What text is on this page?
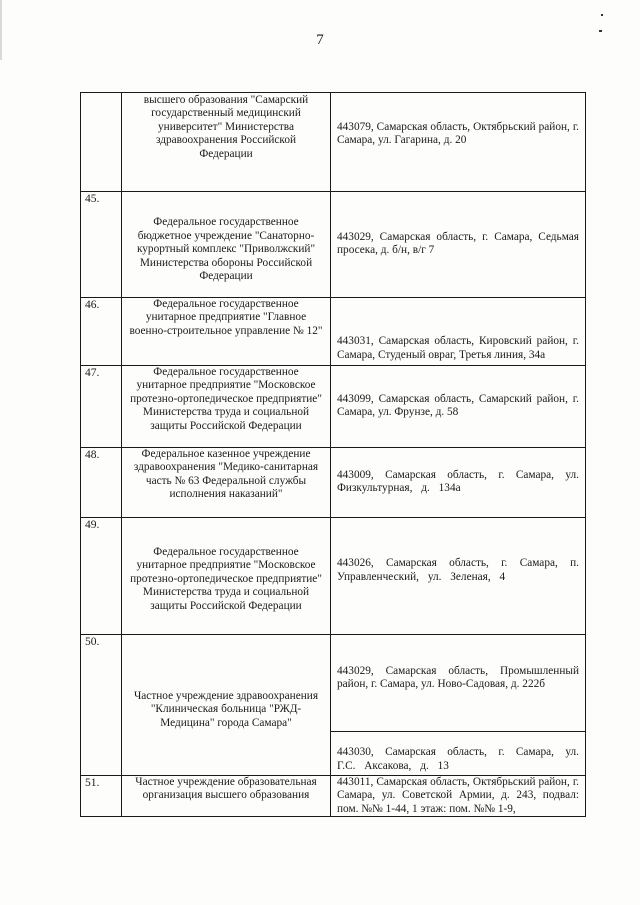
7

	высшего образования "Самарский государственный медицинский университет" Министерства здравоохранения Российской Федерации	443079, Самарская область, Октябрьский район, г. Самара, ул. Гагарина, д. 20

45.	Федеральное государственное бюджетное учреждение "Санаторно-курортный комплекс "Приволжский" Министерства обороны Российской Федерации	443029, Самарская область, г. Самара, Седьмая просека, д. б/н, в/г 7

46.	Федеральное государственное унитарное предприятие "Главное военно-строительное управление № 12"	443031, Самарская область, Кировский район, г. Самара, Студеный овраг, Третья линия, 34а

47.	Федеральное государственное унитарное предприятие "Московское протезно-ортопедическое предприятие" Министерства труда и социальной защиты Российской Федерации	443099, Самарская область, Самарский район, г. Самара, ул. Фрунзе, д. 58

48.	Федеральное казенное учреждение здравоохранения "Медико-санитарная часть № 63 Федеральной службы исполнения наказаний"	443009, Самарская область, г. Самара, ул. Физкультурная, д. 134а

49.	Федеральное государственное унитарное предприятие "Московское протезно-ортопедическое предприятие" Министерства труда и социальной защиты Российской Федерации	443026, Самарская область, г. Самара, п. Управленческий, ул. Зеленая, 4

50.	Частное учреждение здравоохранения "Клиническая больница "РЖД-Медицина" города Самара"	443029, Самарская область, Промышленный район, г. Самара, ул. Ново-Садовая, д. 222б

		443030, Самарская область, г. Самара, ул. Г.С. Аксакова, д. 13

51.	Частное учреждение образовательная организация высшего образования	443011, Самарская область, Октябрьский район, г. Самара, ул. Советской Армии, д. 243, подвал: пом. №№ 1-44, 1 этаж: пом. №№ 1-9,
